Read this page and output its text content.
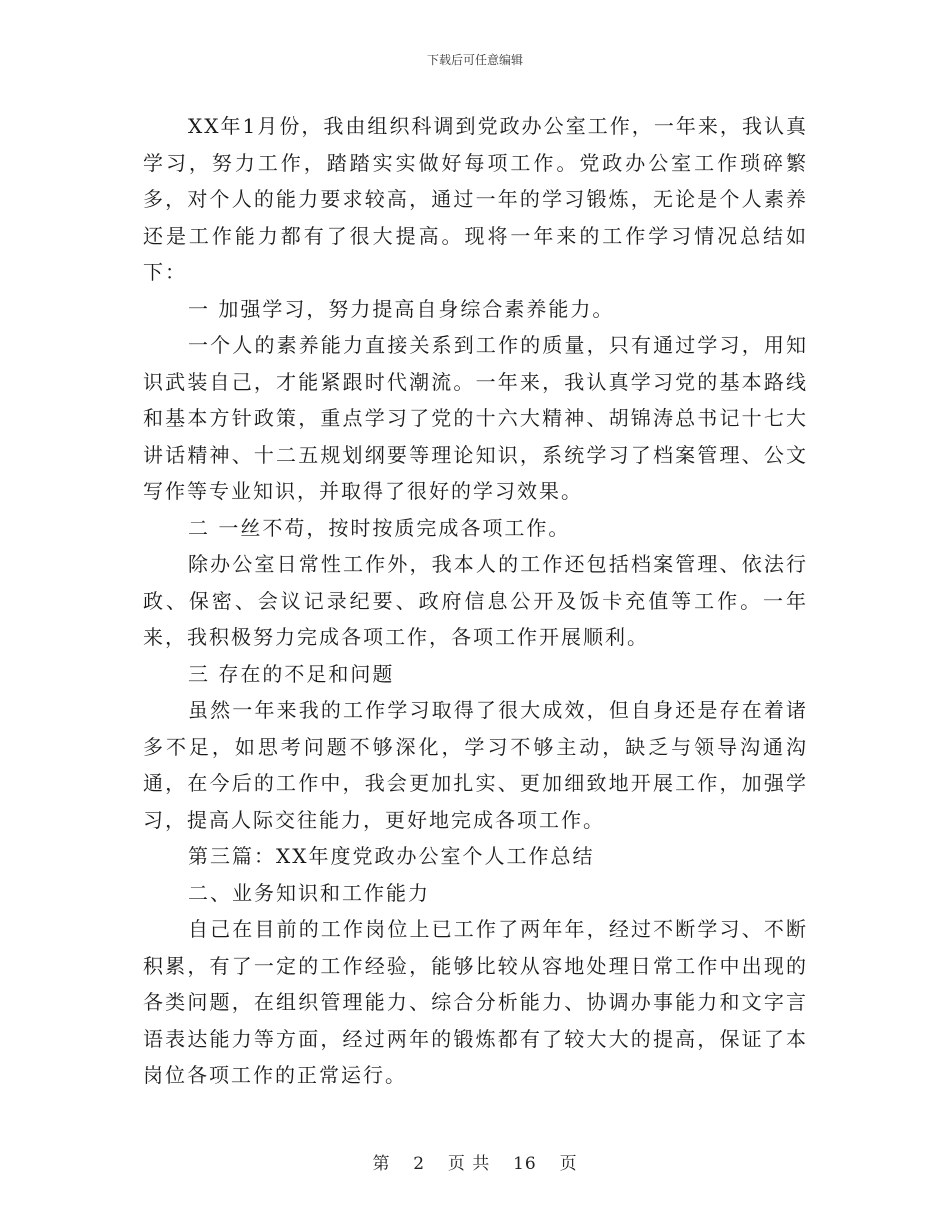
下载后可任意编辑

XX年1月份，我由组织科调到党政办公室工作，一年来，我认真学习，努力工作，踏踏实实做好每项工作。党政办公室工作琐碎繁多，对个人的能力要求较高，通过一年的学习锻炼，无论是个人素养还是工作能力都有了很大提高。现将一年来的工作学习情况总结如下：

一 加强学习，努力提高自身综合素养能力。

一个人的素养能力直接关系到工作的质量，只有通过学习，用知识武装自己，才能紧跟时代潮流。一年来，我认真学习党的基本路线和基本方针政策，重点学习了党的十六大精神、胡锦涛总书记十七大讲话精神、十二五规划纲要等理论知识，系统学习了档案管理、公文写作等专业知识，并取得了很好的学习效果。

二 一丝不苟，按时按质完成各项工作。

除办公室日常性工作外，我本人的工作还包括档案管理、依法行政、保密、会议记录纪要、政府信息公开及饭卡充值等工作。一年来，我积极努力完成各项工作，各项工作开展顺利。

三 存在的不足和问题

虽然一年来我的工作学习取得了很大成效，但自身还是存在着诸多不足，如思考问题不够深化，学习不够主动，缺乏与领导沟通沟通，在今后的工作中，我会更加扎实、更加细致地开展工作，加强学习，提高人际交往能力，更好地完成各项工作。

第三篇：XX年度党政办公室个人工作总结

二、业务知识和工作能力

自己在目前的工作岗位上已工作了两年年，经过不断学习、不断积累，有了一定的工作经验，能够比较从容地处理日常工作中出现的各类问题，在组织管理能力、综合分析能力、协调办事能力和文字言语表达能力等方面，经过两年的锻炼都有了较大大的提高，保证了本岗位各项工作的正常运行。

第 2 页 共 16 页
